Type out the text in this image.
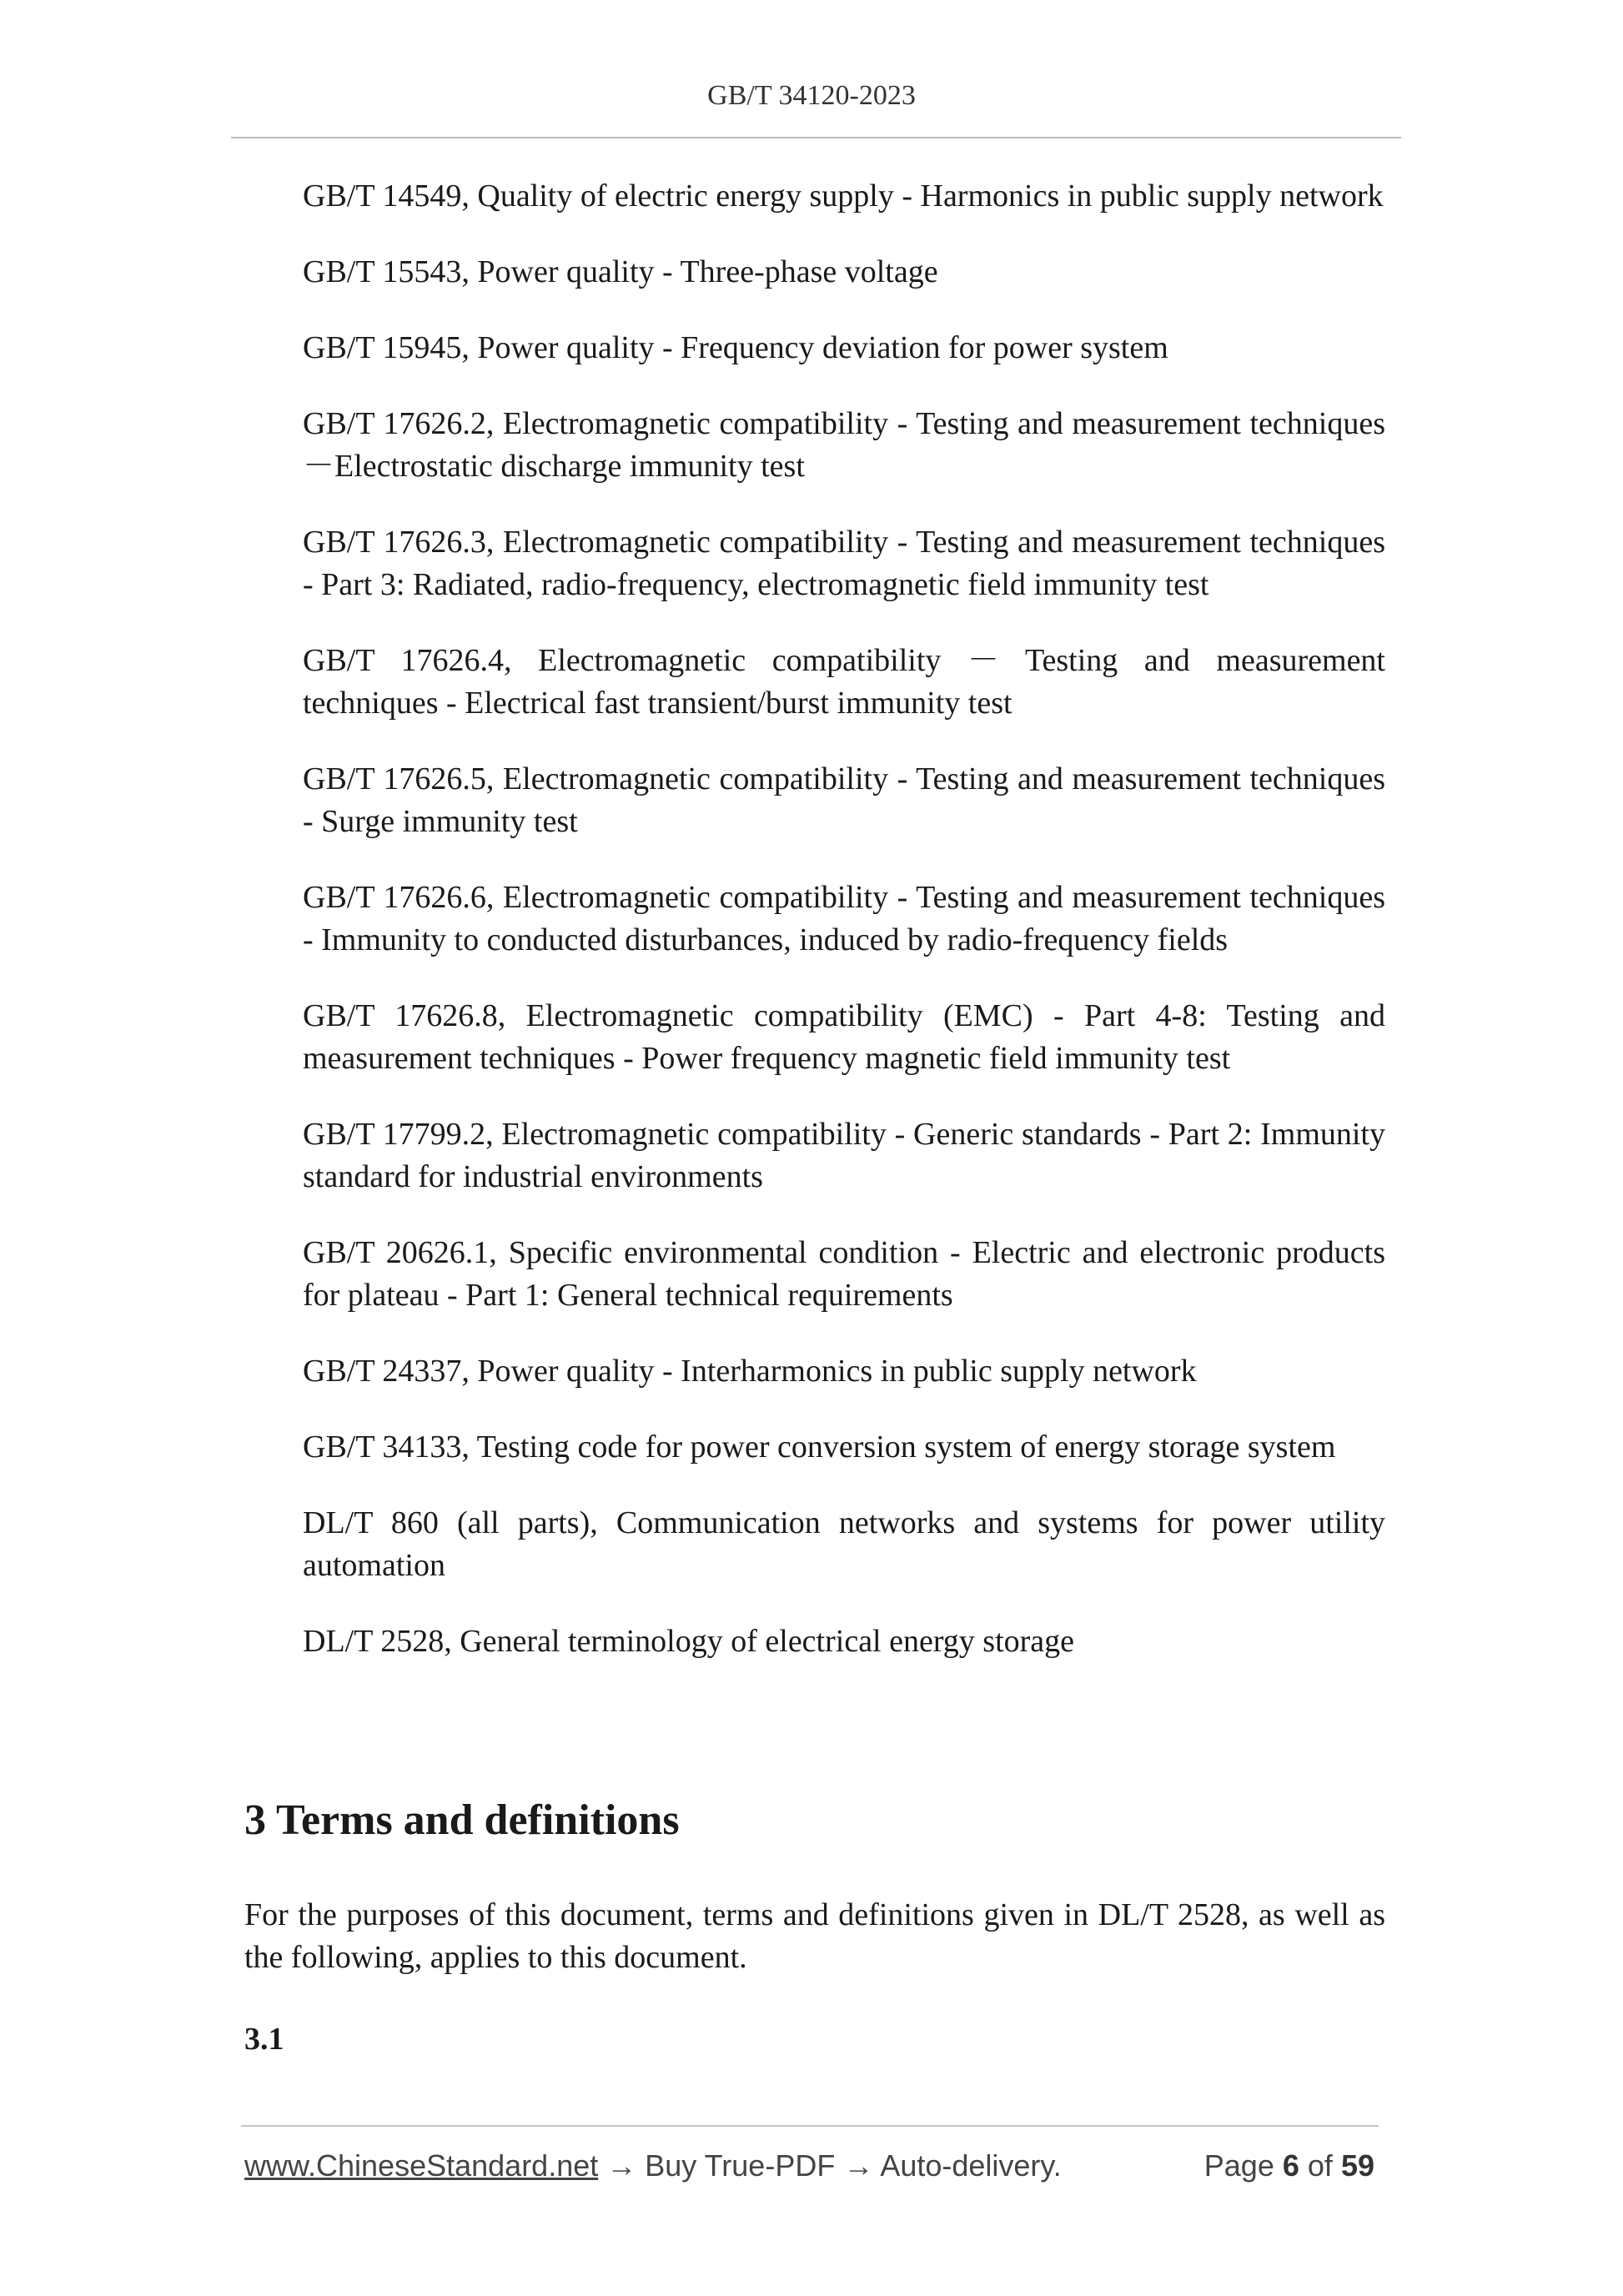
GB/T 34120-2023

GB/T 14549, Quality of electric energy supply - Harmonics in public supply network

GB/T 15543, Power quality - Three-phase voltage

GB/T 15945, Power quality - Frequency deviation for power system

GB/T 17626.2, Electromagnetic compatibility - Testing and measurement techniques－Electrostatic discharge immunity test

GB/T 17626.3, Electromagnetic compatibility - Testing and measurement techniques - Part 3: Radiated, radio-frequency, electromagnetic field immunity test

GB/T 17626.4, Electromagnetic compatibility － Testing and measurement techniques - Electrical fast transient/burst immunity test

GB/T 17626.5, Electromagnetic compatibility - Testing and measurement techniques - Surge immunity test

GB/T 17626.6, Electromagnetic compatibility - Testing and measurement techniques - Immunity to conducted disturbances, induced by radio-frequency fields

GB/T 17626.8, Electromagnetic compatibility (EMC) - Part 4-8: Testing and measurement techniques - Power frequency magnetic field immunity test

GB/T 17799.2, Electromagnetic compatibility - Generic standards - Part 2: Immunity standard for industrial environments

GB/T 20626.1, Specific environmental condition - Electric and electronic products for plateau - Part 1: General technical requirements

GB/T 24337, Power quality - Interharmonics in public supply network

GB/T 34133, Testing code for power conversion system of energy storage system

DL/T 860 (all parts), Communication networks and systems for power utility automation

DL/T 2528, General terminology of electrical energy storage

3 Terms and definitions

For the purposes of this document, terms and definitions given in DL/T 2528, as well as the following, applies to this document.

3.1

www.ChineseStandard.net → Buy True-PDF → Auto-delivery.	Page 6 of 59
